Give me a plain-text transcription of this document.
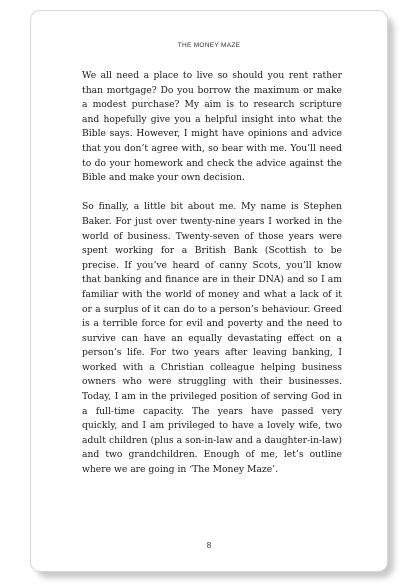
THE MONEY MAZE

We all need a place to live so should you rent rather than mortgage? Do you borrow the maximum or make a modest purchase? My aim is to research scripture and hopefully give you a helpful insight into what the Bible says. However, I might have opinions and advice that you don’t agree with, so bear with me. You’ll need to do your homework and check the advice against the Bible and make your own decision.

So finally, a little bit about me. My name is Stephen Baker. For just over twenty-nine years I worked in the world of business. Twenty-seven of those years were spent working for a British Bank (Scottish to be precise. If you’ve heard of canny Scots, you’ll know that banking and finance are in their DNA) and so I am familiar with the world of money and what a lack of it or a surplus of it can do to a person’s behaviour. Greed is a terrible force for evil and poverty and the need to survive can have an equally devastating effect on a person’s life. For two years after leaving banking, I worked with a Christian colleague helping business owners who were struggling with their businesses. Today, I am in the privileged position of serving God in a full-time capacity. The years have passed very quickly, and I am privileged to have a lovely wife, two adult children (plus a son-in-law and a daughter-in-law) and two grandchildren. Enough of me, let’s outline where we are going in ‘The Money Maze’.

8
